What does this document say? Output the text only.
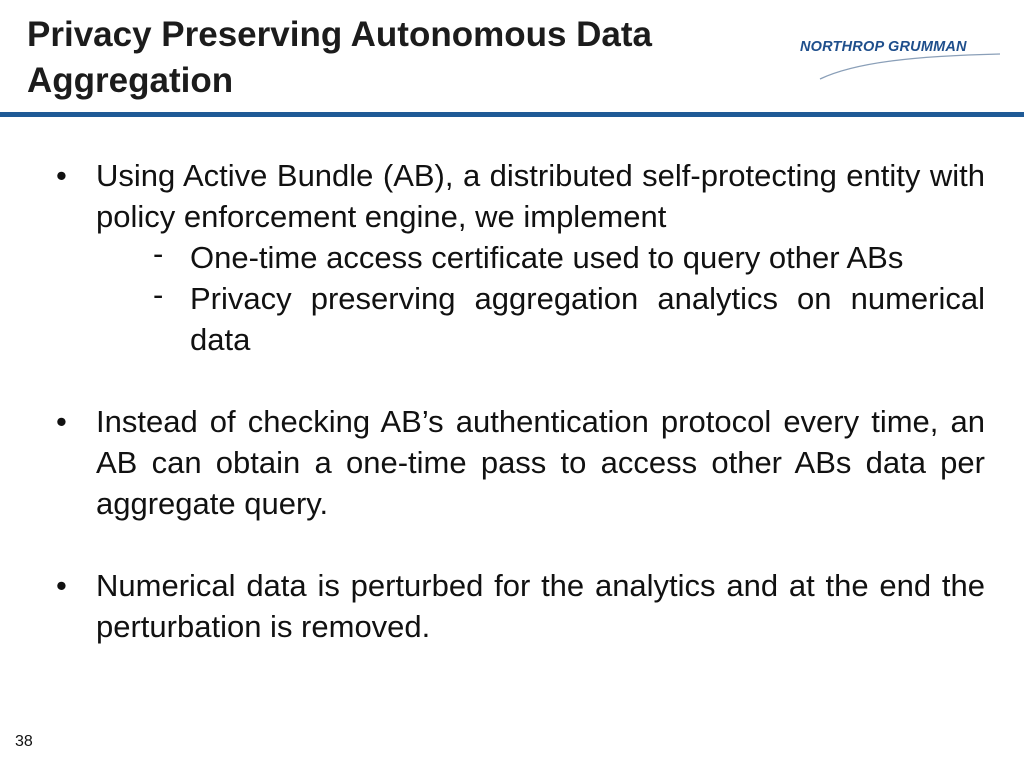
Privacy Preserving Autonomous Data
Aggregation
NORTHROP GRUMMAN
• Using Active Bundle (AB), a distributed self-protecting entity with policy enforcement engine, we implement
- One-time access certificate used to query other ABs
- Privacy preserving aggregation analytics on numerical data
• Instead of checking AB’s authentication protocol every time, an AB can obtain a one-time pass to access other ABs data per aggregate query.
• Numerical data is perturbed for the analytics and at the end the perturbation is removed.
38
